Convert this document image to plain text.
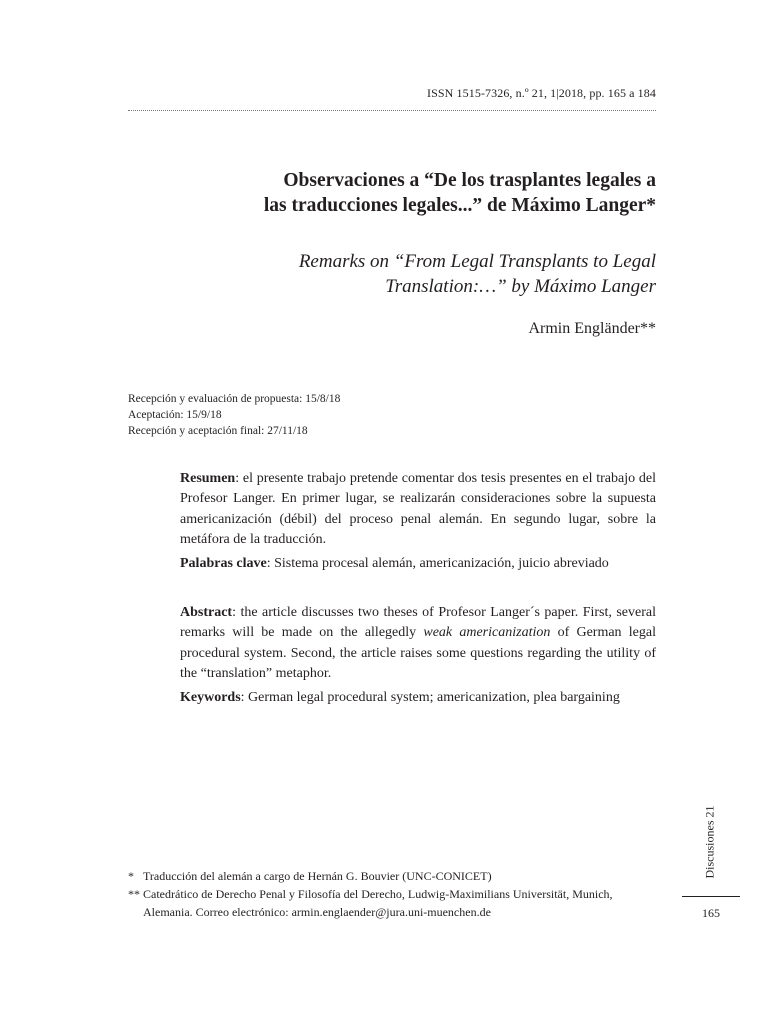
ISSN 1515-7326, n.º 21, 1|2018, pp. 165 a 184
Observaciones a “De los trasplantes legales a
las traducciones legales...” de Máximo Langer*
Remarks on “From Legal Transplants to Legal
Translation:…” by Máximo Langer
Armin Engländer**
Recepción y evaluación de propuesta: 15/8/18
Aceptación: 15/9/18
Recepción y aceptación final: 27/11/18
Resumen: el presente trabajo pretende comentar dos tesis presentes en el trabajo del Profesor Langer. En primer lugar, se realizarán consideraciones sobre la supuesta americanización (débil) del proceso penal alemán. En segundo lugar, sobre la metáfora de la traducción.
Palabras clave: Sistema procesal alemán, americanización, juicio abreviado
Abstract: the article discusses two theses of Profesor Langer´s paper. First, several remarks will be made on the allegedly weak americanization of German legal procedural system. Second, the article raises some questions regarding the utility of the “translation” metaphor.
Keywords: German legal procedural system; americanization, plea bargaining
Discusiones 21
165
* Traducción del alemán a cargo de Hernán G. Bouvier (UNC-CONICET)
** Catedrático de Derecho Penal y Filosofía del Derecho, Ludwig-Maximilians Universität, Munich, Alemania. Correo electrónico: armin.englaender@jura.uni-muenchen.de
